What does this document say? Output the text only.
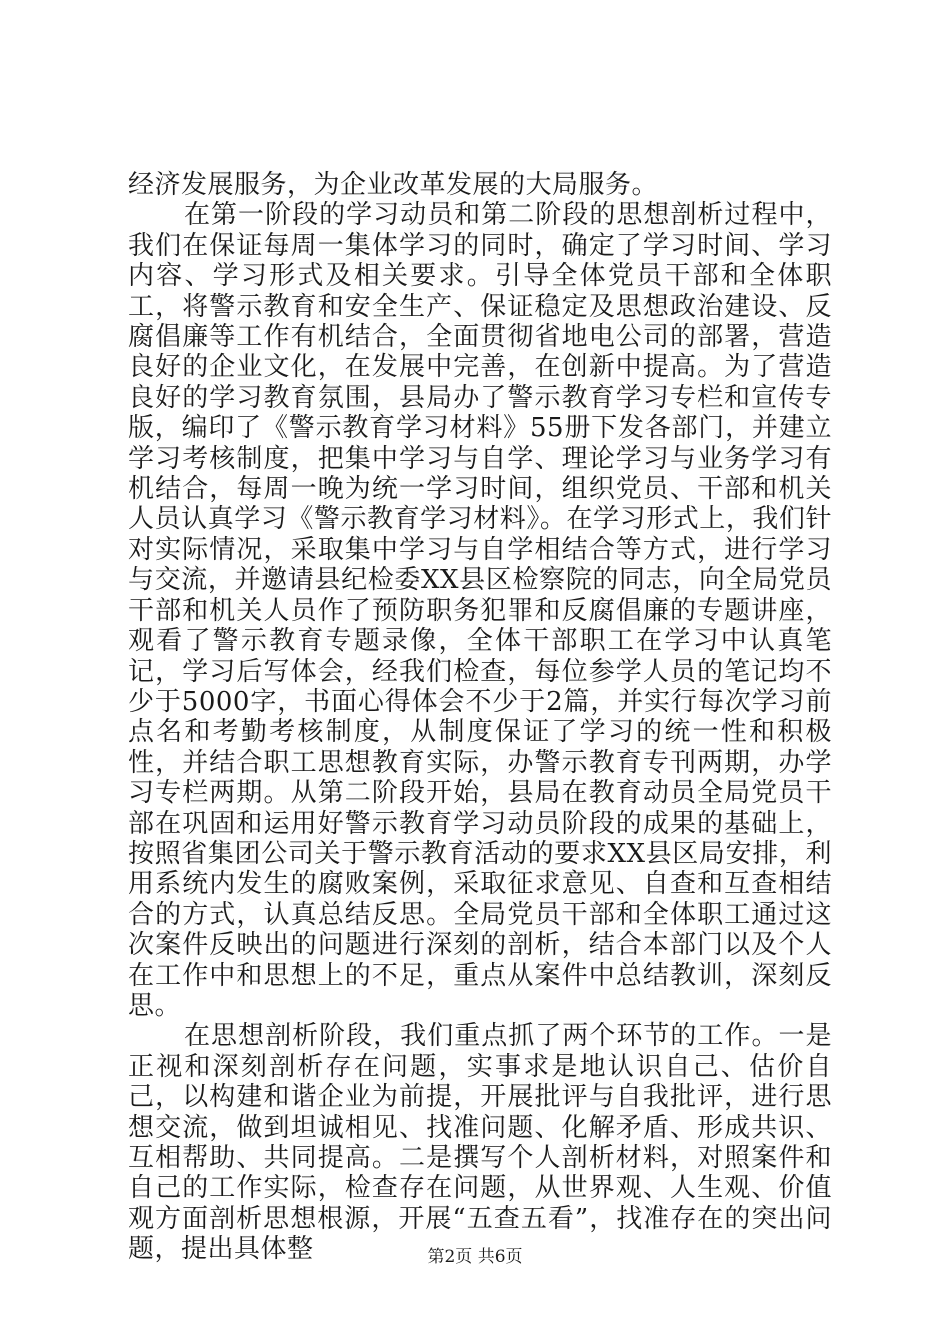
经济发展服务，为企业改革发展的大局服务。

在第一阶段的学习动员和第二阶段的思想剖析过程中，我们在保证每周一集体学习的同时，确定了学习时间、学习内容、学习形式及相关要求。引导全体党员干部和全体职工，将警示教育和安全生产、保证稳定及思想政治建设、反腐倡廉等工作有机结合，全面贯彻省地电公司的部署，营造良好的企业文化，在发展中完善，在创新中提高。为了营造良好的学习教育氛围，县局办了警示教育学习专栏和宣传专版，编印了《警示教育学习材料》55册下发各部门，并建立学习考核制度，把集中学习与自学、理论学习与业务学习有机结合，每周一晚为统一学习时间，组织党员、干部和机关人员认真学习《警示教育学习材料》。在学习形式上，我们针对实际情况，采取集中学习与自学相结合等方式，进行学习与交流，并邀请县纪检委XX县区检察院的同志，向全局党员干部和机关人员作了预防职务犯罪和反腐倡廉的专题讲座，观看了警示教育专题录像，全体干部职工在学习中认真笔记，学习后写体会，经我们检查，每位参学人员的笔记均不少于5000字，书面心得体会不少于2篇，并实行每次学习前点名和考勤考核制度，从制度保证了学习的统一性和积极性，并结合职工思想教育实际，办警示教育专刊两期，办学习专栏两期。从第二阶段开始，县局在教育动员全局党员干部在巩固和运用好警示教育学习动员阶段的成果的基础上，按照省集团公司关于警示教育活动的要求XX县区局安排，利用系统内发生的腐败案例，采取征求意见、自查和互查相结合的方式，认真总结反思。全局党员干部和全体职工通过这次案件反映出的问题进行深刻的剖析，结合本部门以及个人在工作中和思想上的不足，重点从案件中总结教训，深刻反思。

在思想剖析阶段，我们重点抓了两个环节的工作。一是正视和深刻剖析存在问题，实事求是地认识自己、估价自己，以构建和谐企业为前提，开展批评与自我批评，进行思想交流，做到坦诚相见、找准问题、化解矛盾、形成共识、互相帮助、共同提高。二是撰写个人剖析材料，对照案件和自己的工作实际，检查存在问题，从世界观、人生观、价值观方面剖析思想根源，开展“五查五看”，找准存在的突出问题，提出具体整	第2页 共6页
